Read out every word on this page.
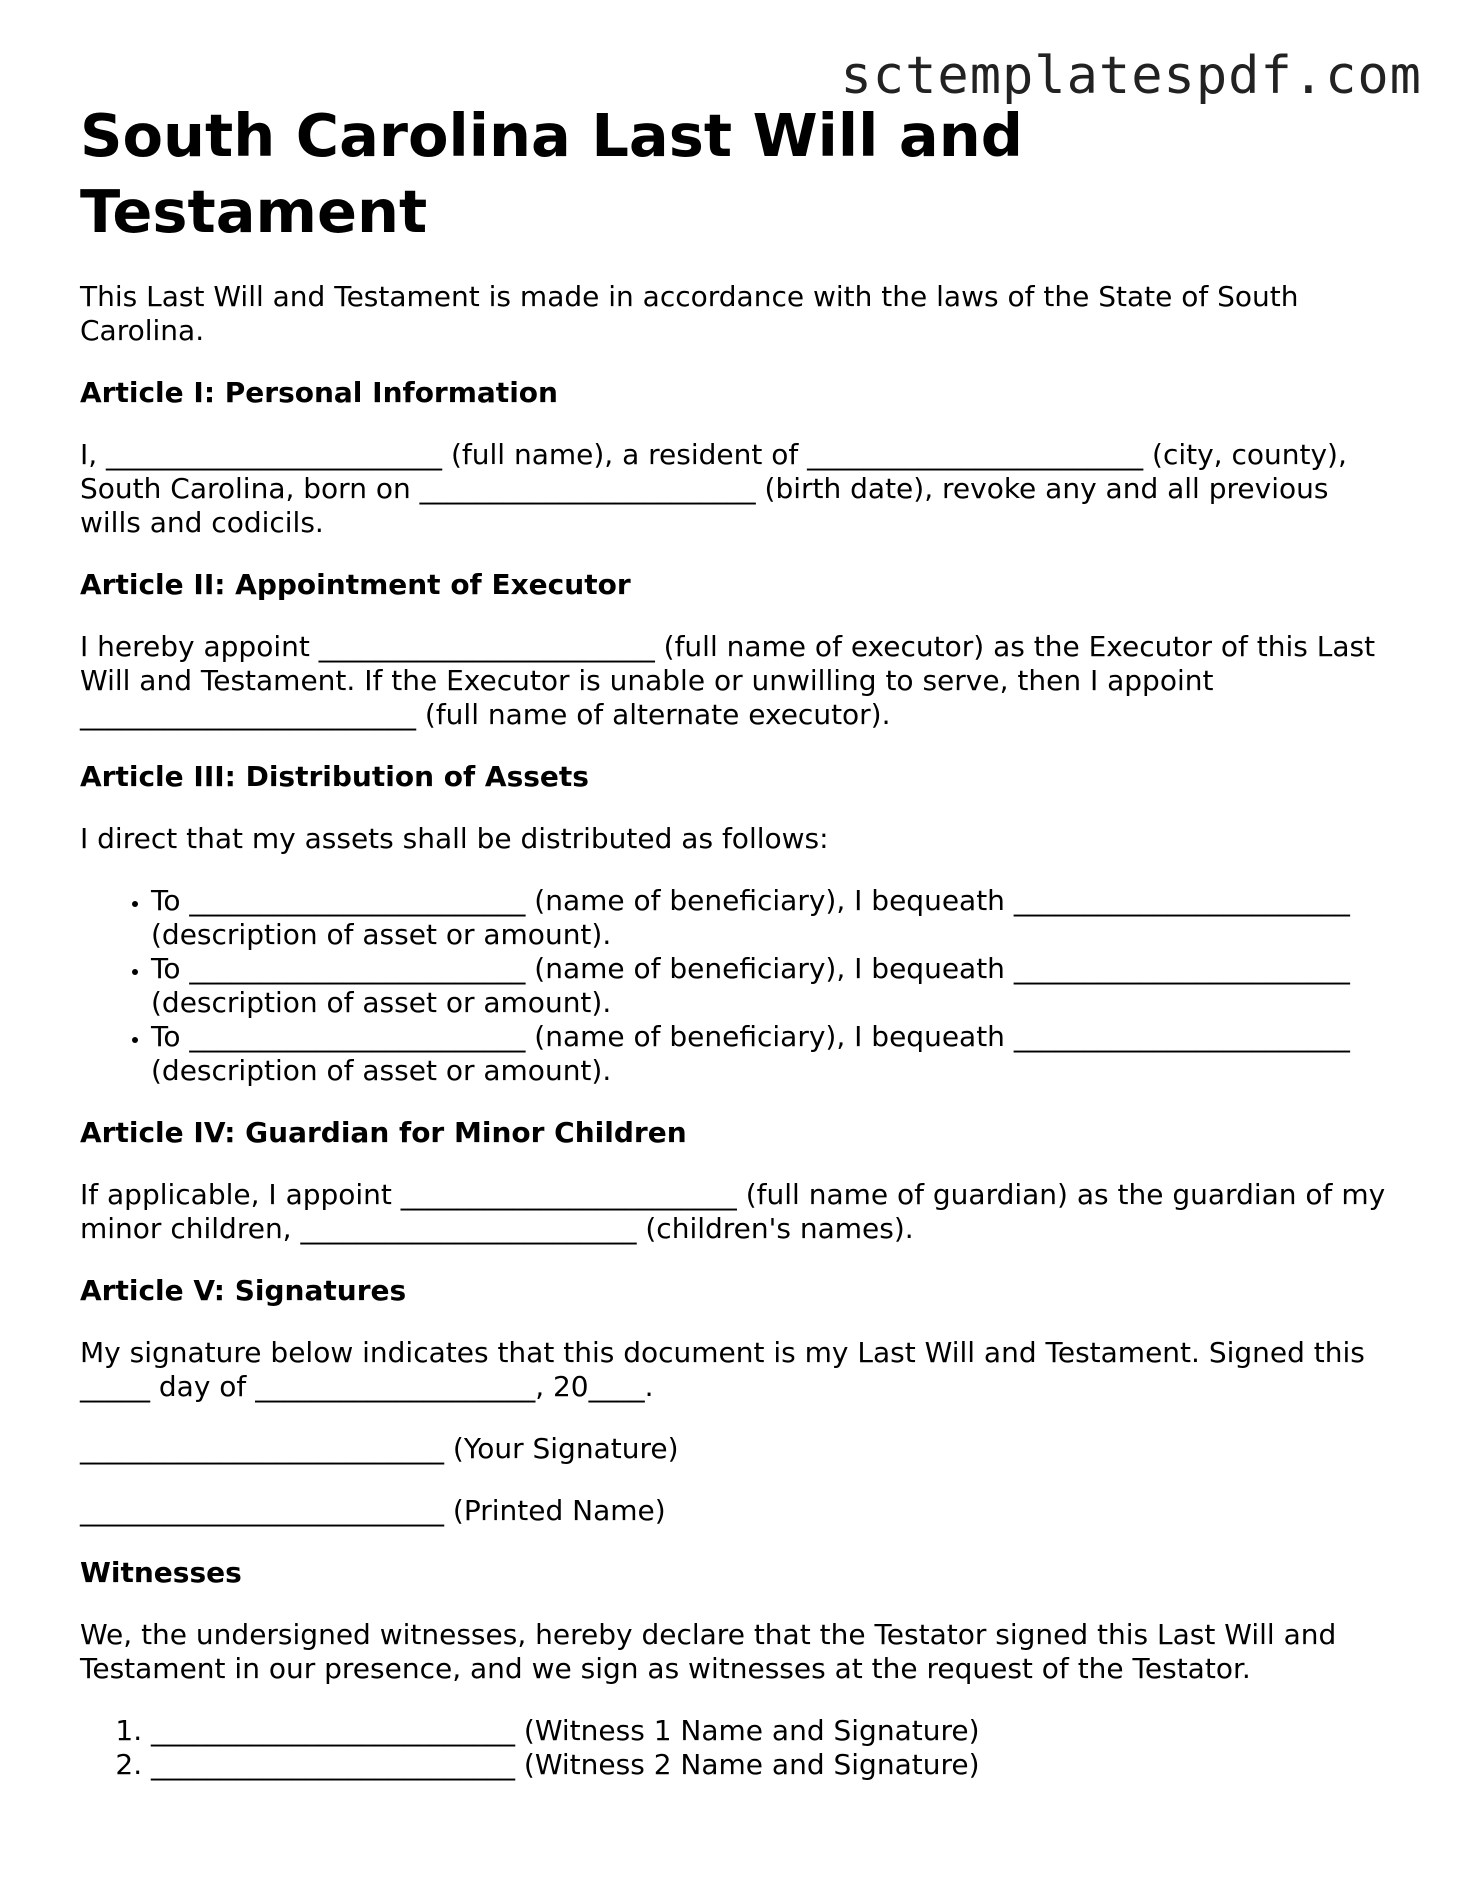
sctemplatespdf.com
South Carolina Last Will and Testament

This Last Will and Testament is made in accordance with the laws of the State of South Carolina.

Article I: Personal Information

I, ________________________ (full name), a resident of ________________________ (city, county), South Carolina, born on ________________________ (birth date), revoke any and all previous wills and codicils.

Article II: Appointment of Executor

I hereby appoint ________________________ (full name of executor) as the Executor of this Last Will and Testament. If the Executor is unable or unwilling to serve, then I appoint ________________________ (full name of alternate executor).

Article III: Distribution of Assets

I direct that my assets shall be distributed as follows:

• To ________________________ (name of beneficiary), I bequeath ________________________ (description of asset or amount).
• To ________________________ (name of beneficiary), I bequeath ________________________ (description of asset or amount).
• To ________________________ (name of beneficiary), I bequeath ________________________ (description of asset or amount).
Article IV: Guardian for Minor Children

If applicable, I appoint ________________________ (full name of guardian) as the guardian of my minor children, ________________________ (children's names).

Article V: Signatures

My signature below indicates that this document is my Last Will and Testament. Signed this _____ day of ____________________, 20____.

__________________________ (Your Signature)

__________________________ (Printed Name)

Witnesses

We, the undersigned witnesses, hereby declare that the Testator signed this Last Will and Testament in our presence, and we sign as witnesses at the request of the Testator.

1. __________________________ (Witness 1 Name and Signature)
2. __________________________ (Witness 2 Name and Signature)
